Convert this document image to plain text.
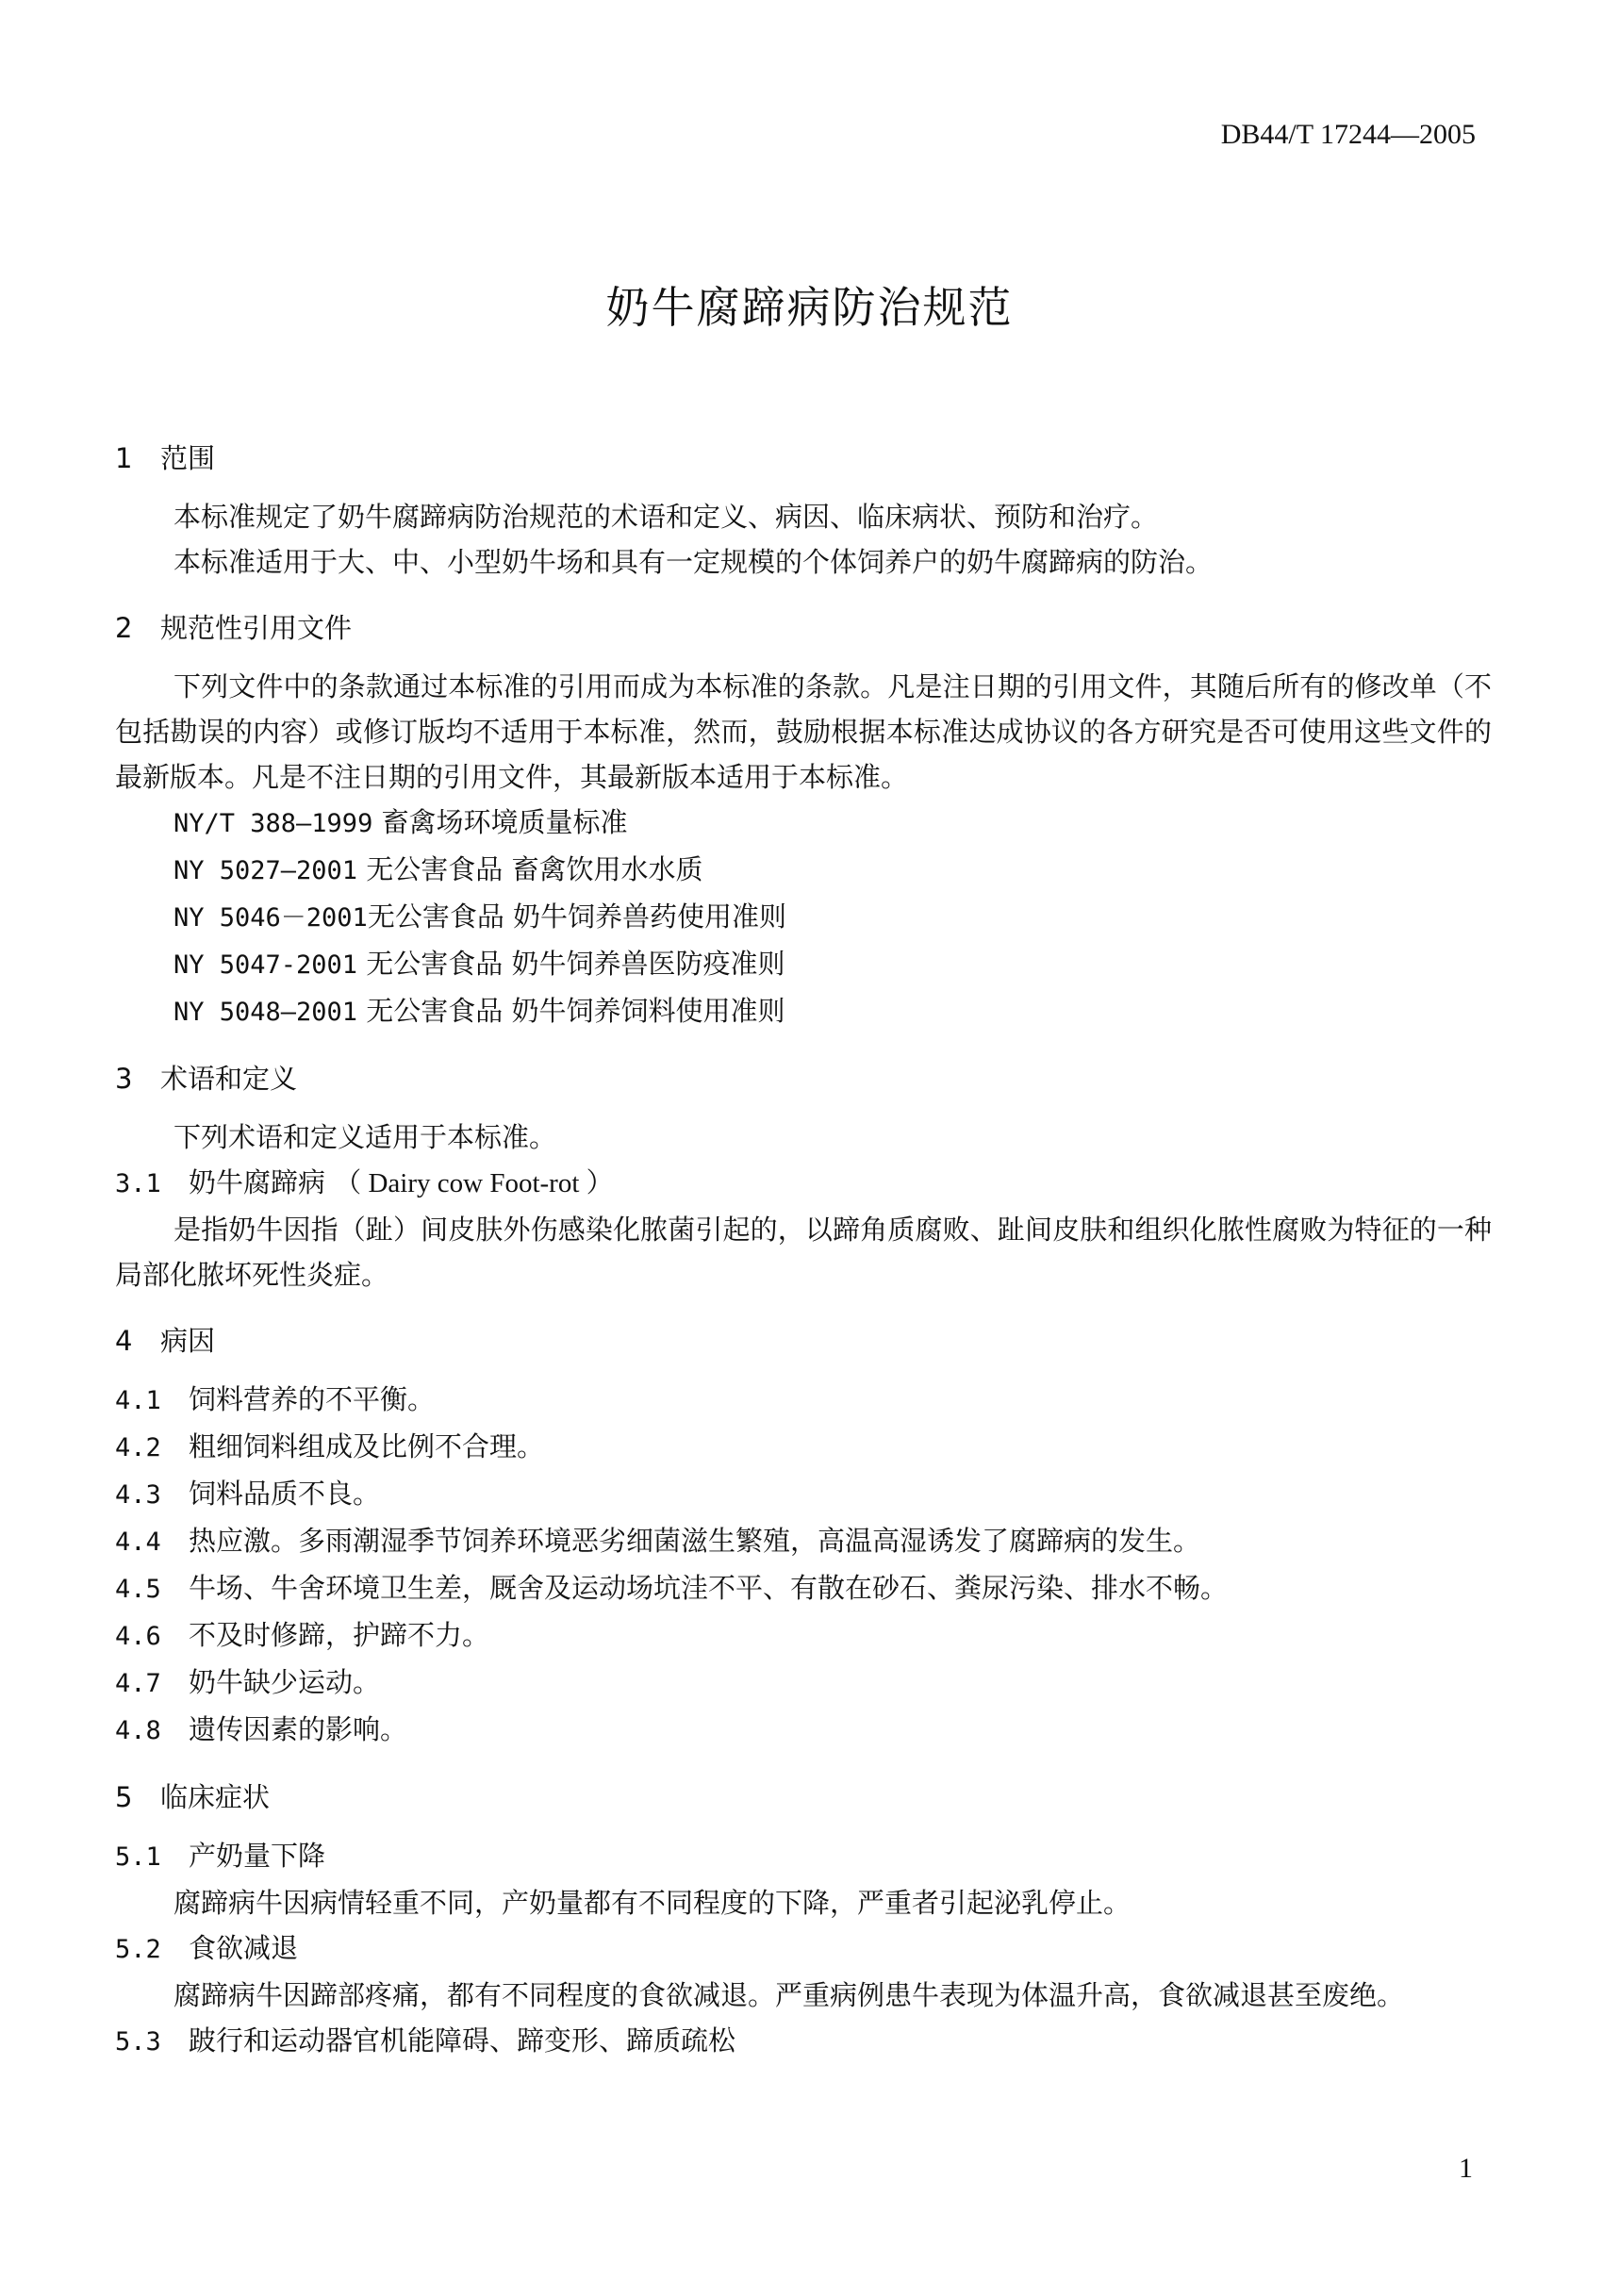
DB44/T 17244—2005
奶牛腐蹄病防治规范
1 范围

本标准规定了奶牛腐蹄病防治规范的术语和定义、病因、临床病状、预防和治疗。

本标准适用于大、中、小型奶牛场和具有一定规模的个体饲养户的奶牛腐蹄病的防治。

2 规范性引用文件

下列文件中的条款通过本标准的引用而成为本标准的条款。凡是注日期的引用文件，其随后所有的修改单（不包括勘误的内容）或修订版均不适用于本标准，然而，鼓励根据本标准达成协议的各方研究是否可使用这些文件的最新版本。凡是不注日期的引用文件，其最新版本适用于本标准。

NY/T 388—1999 畜禽场环境质量标准

NY 5027—2001 无公害食品 畜禽饮用水水质

NY 5046－2001无公害食品 奶牛饲养兽药使用准则

NY 5047-2001 无公害食品 奶牛饲养兽医防疫准则

NY 5048—2001 无公害食品 奶牛饲养饲料使用准则

3 术语和定义

下列术语和定义适用于本标准。

3.1 奶牛腐蹄病 （ Dairy cow Foot-rot ）

是指奶牛因指（趾）间皮肤外伤感染化脓菌引起的，以蹄角质腐败、趾间皮肤和组织化脓性腐败为特征的一种局部化脓坏死性炎症。

4 病因

4.1 饲料营养的不平衡。

4.2 粗细饲料组成及比例不合理。

4.3 饲料品质不良。

4.4 热应激。多雨潮湿季节饲养环境恶劣细菌滋生繁殖，高温高湿诱发了腐蹄病的发生。

4.5 牛场、牛舍环境卫生差，厩舍及运动场坑洼不平、有散在砂石、粪尿污染、排水不畅。

4.6 不及时修蹄，护蹄不力。

4.7 奶牛缺少运动。

4.8 遗传因素的影响。

5 临床症状

5.1 产奶量下降

腐蹄病牛因病情轻重不同，产奶量都有不同程度的下降，严重者引起泌乳停止。

5.2 食欲减退

腐蹄病牛因蹄部疼痛，都有不同程度的食欲减退。严重病例患牛表现为体温升高，食欲减退甚至废绝。

5.3 跛行和运动器官机能障碍、蹄变形、蹄质疏松

1
